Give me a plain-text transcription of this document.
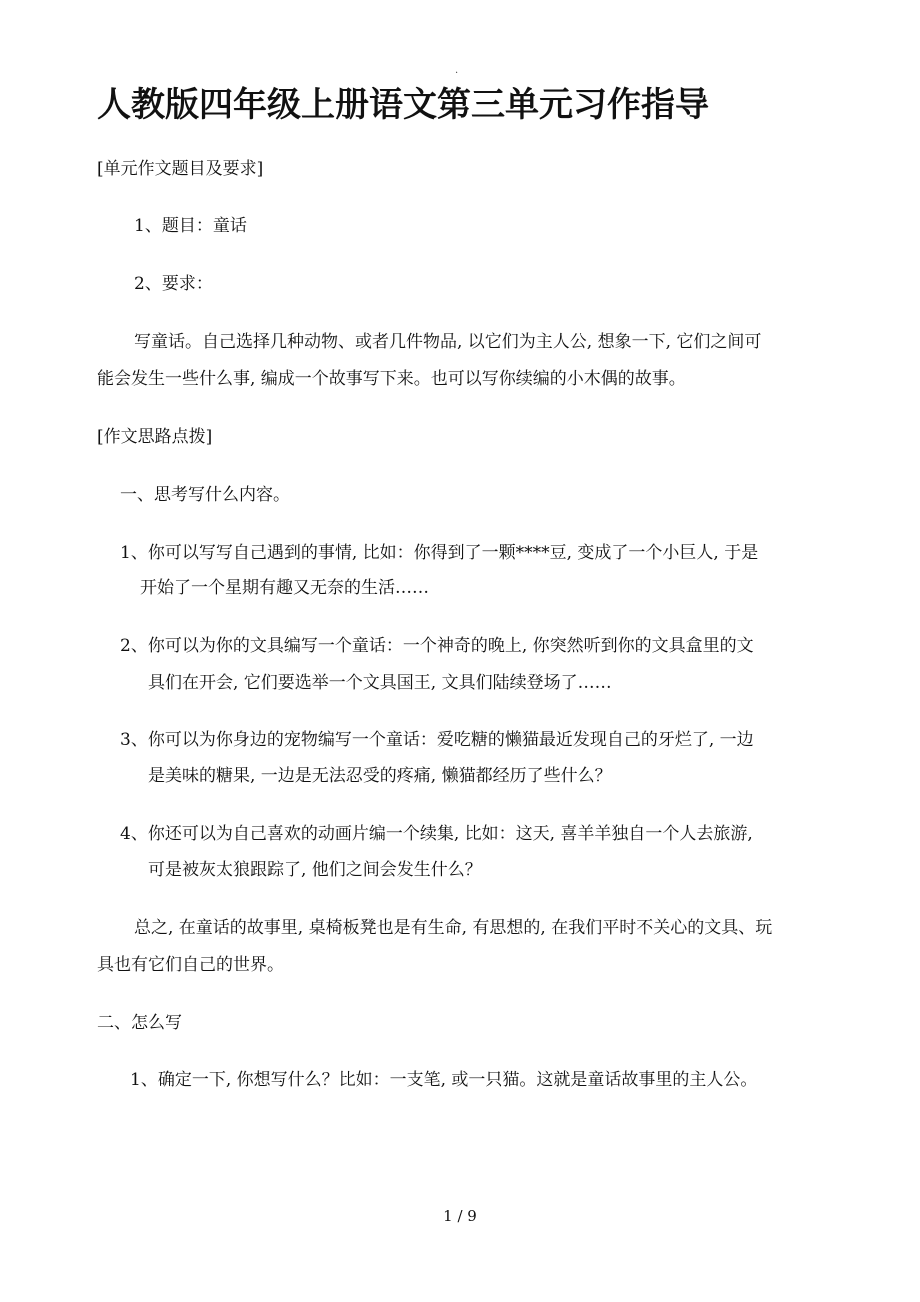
.
人教版四年级上册语文第三单元习作指导
[单元作文题目及要求]
1、题目：童话
2、要求：
写童话。自己选择几种动物、或者几件物品, 以它们为主人公, 想象一下, 它们之间可
能会发生一些什么事, 编成一个故事写下来。也可以写你续编的小木偶的故事。
[作文思路点拨]
一、思考写什么内容。
1、你可以写写自己遇到的事情, 比如：你得到了一颗****豆, 变成了一个小巨人, 于是
开始了一个星期有趣又无奈的生活……
2、你可以为你的文具编写一个童话：一个神奇的晚上, 你突然听到你的文具盒里的文
具们在开会, 它们要选举一个文具国王, 文具们陆续登场了……
3、你可以为你身边的宠物编写一个童话：爱吃糖的懒猫最近发现自己的牙烂了, 一边
是美味的糖果, 一边是无法忍受的疼痛, 懒猫都经历了些什么？
4、你还可以为自己喜欢的动画片编一个续集, 比如：这天, 喜羊羊独自一个人去旅游,
可是被灰太狼跟踪了, 他们之间会发生什么？
总之, 在童话的故事里, 桌椅板凳也是有生命, 有思想的, 在我们平时不关心的文具、玩
具也有它们自己的世界。
二、怎么写
1、确定一下, 你想写什么？比如：一支笔, 或一只猫。这就是童话故事里的主人公。
1 / 9
